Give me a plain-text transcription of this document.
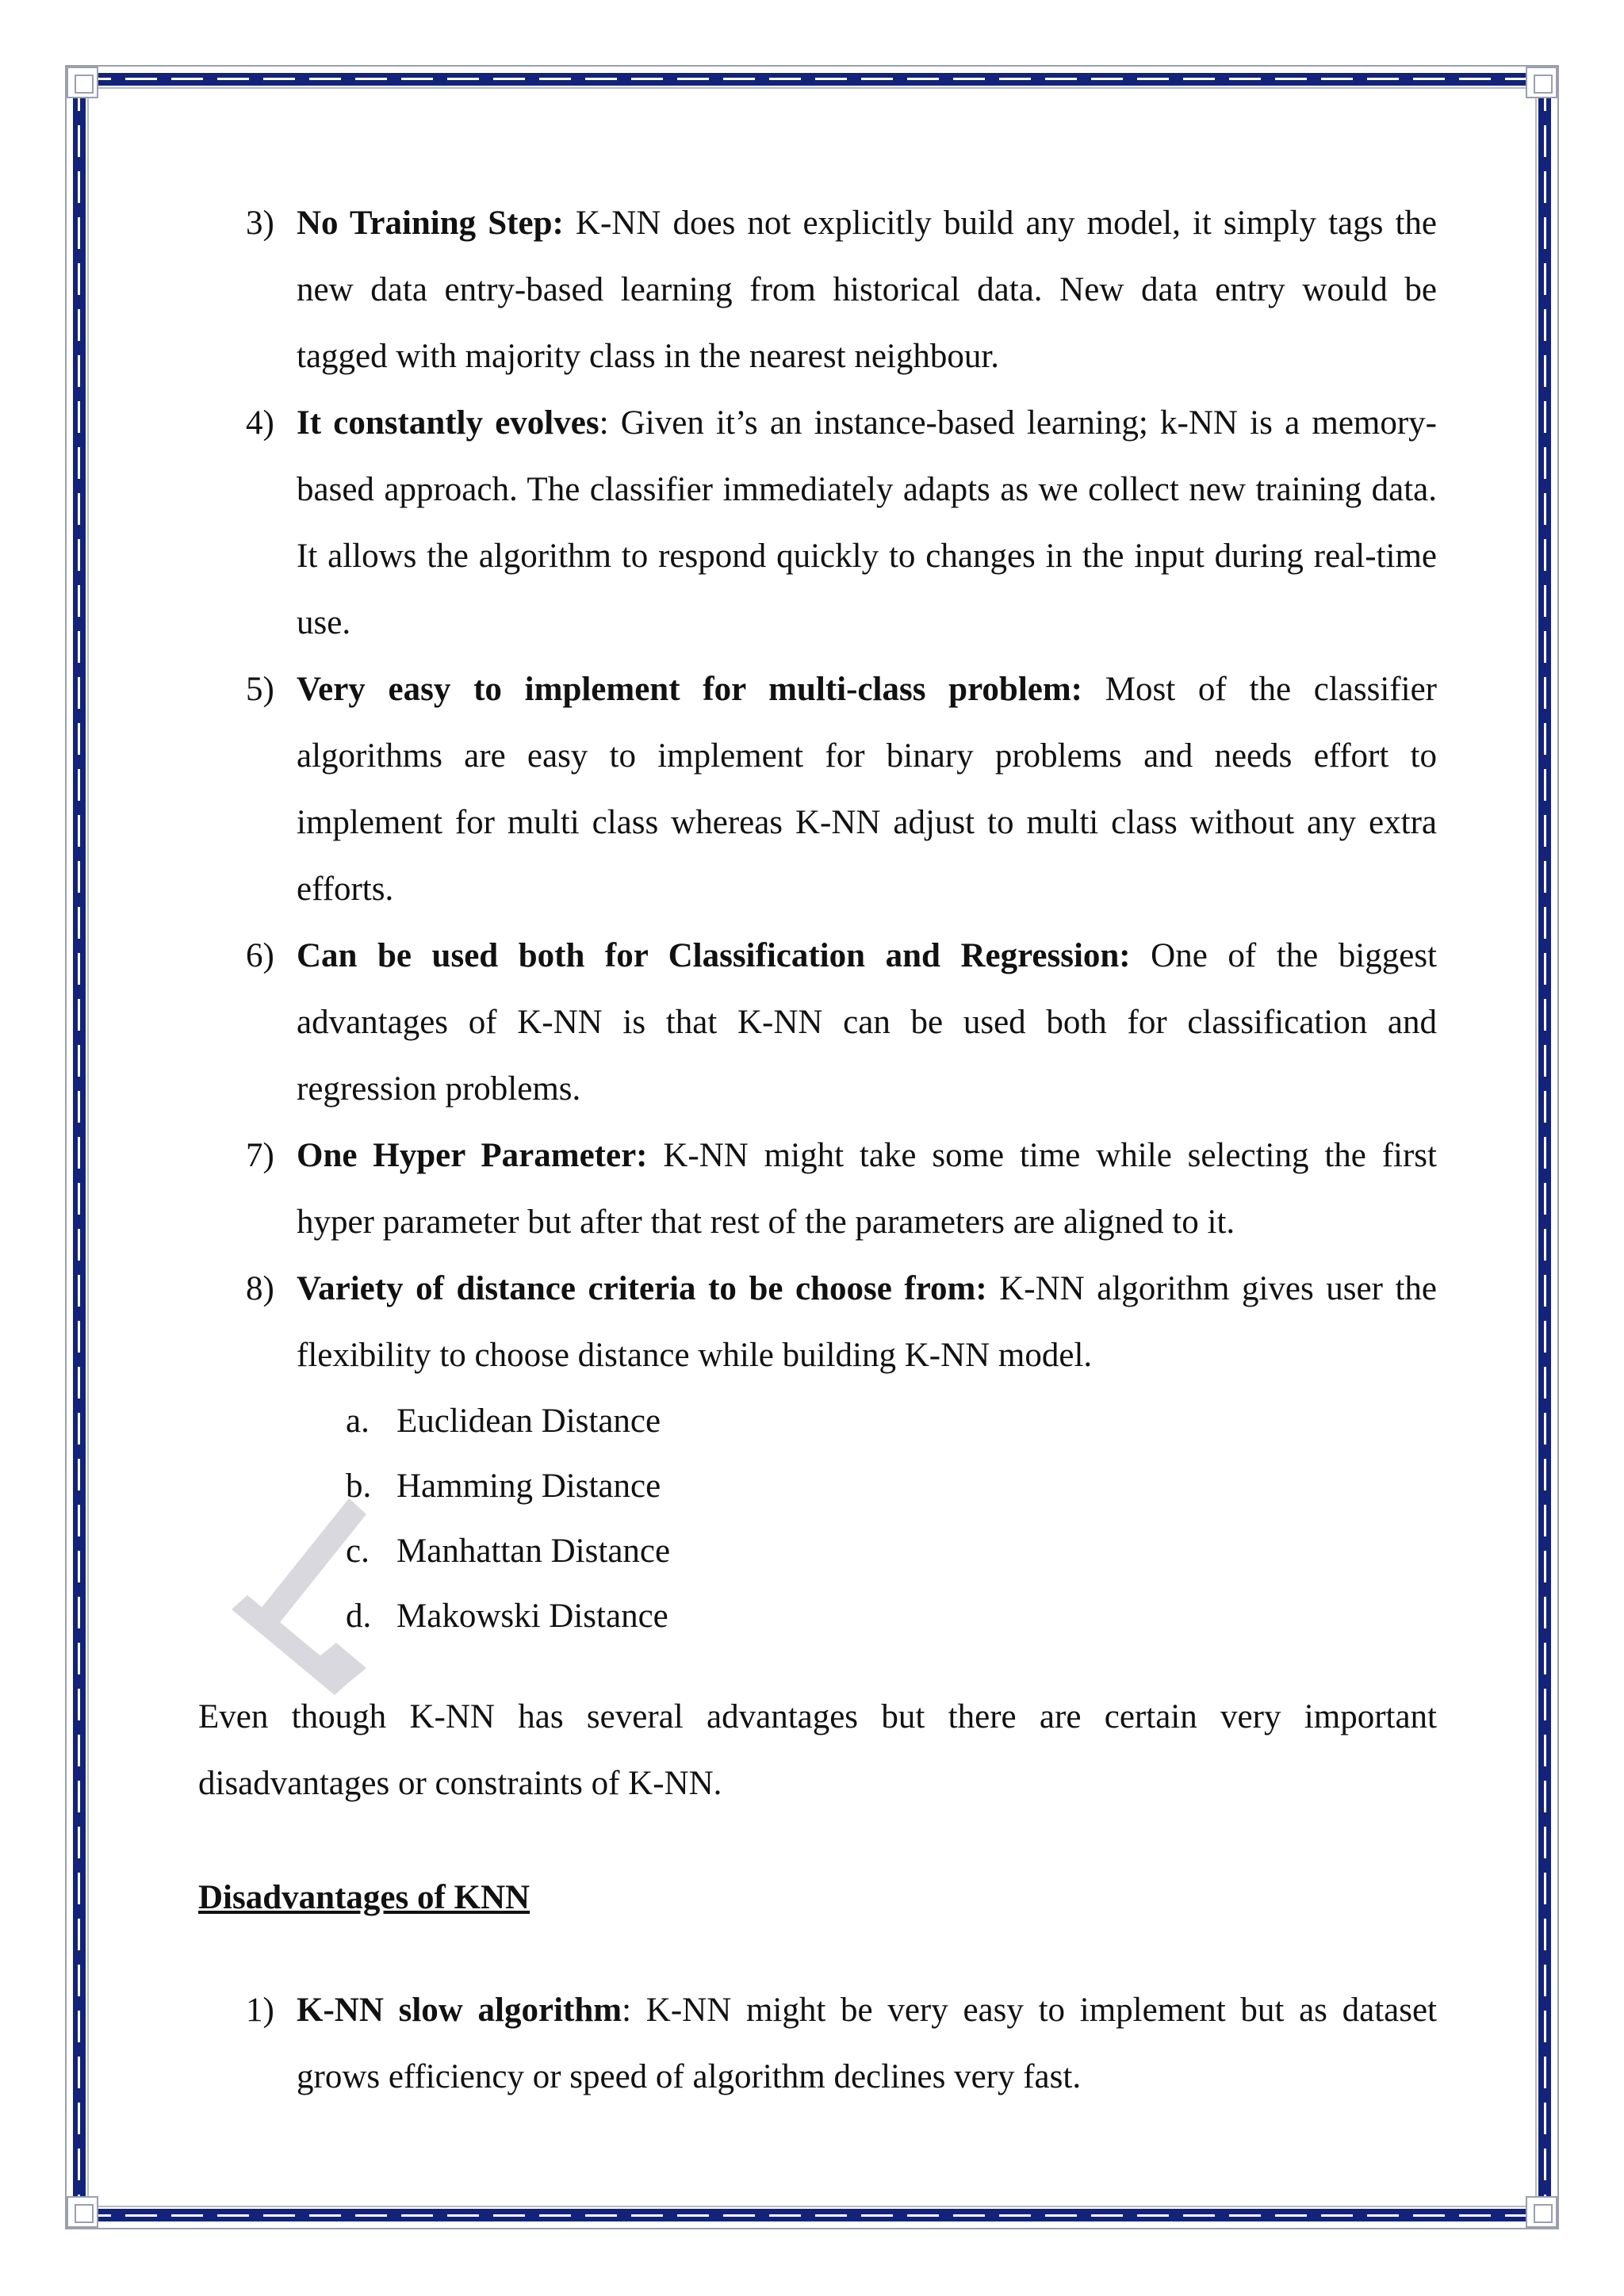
3) No Training Step: K-NN does not explicitly build any model, it simply tags the new data entry-based learning from historical data. New data entry would be tagged with majority class in the nearest neighbour.
4) It constantly evolves: Given it’s an instance-based learning; k-NN is a memory-based approach. The classifier immediately adapts as we collect new training data. It allows the algorithm to respond quickly to changes in the input during real-time use.
5) Very easy to implement for multi-class problem: Most of the classifier algorithms are easy to implement for binary problems and needs effort to implement for multi class whereas K-NN adjust to multi class without any extra efforts.
6) Can be used both for Classification and Regression: One of the biggest advantages of K-NN is that K-NN can be used both for classification and regression problems.
7) One Hyper Parameter: K-NN might take some time while selecting the first hyper parameter but after that rest of the parameters are aligned to it.
8) Variety of distance criteria to be choose from: K-NN algorithm gives user the flexibility to choose distance while building K-NN model.
a. Euclidean Distance
b. Hamming Distance
c. Manhattan Distance
d. Makowski Distance
Even though K-NN has several advantages but there are certain very important disadvantages or constraints of K-NN.
Disadvantages of KNN
1) K-NN slow algorithm: K-NN might be very easy to implement but as dataset grows efficiency or speed of algorithm declines very fast.
